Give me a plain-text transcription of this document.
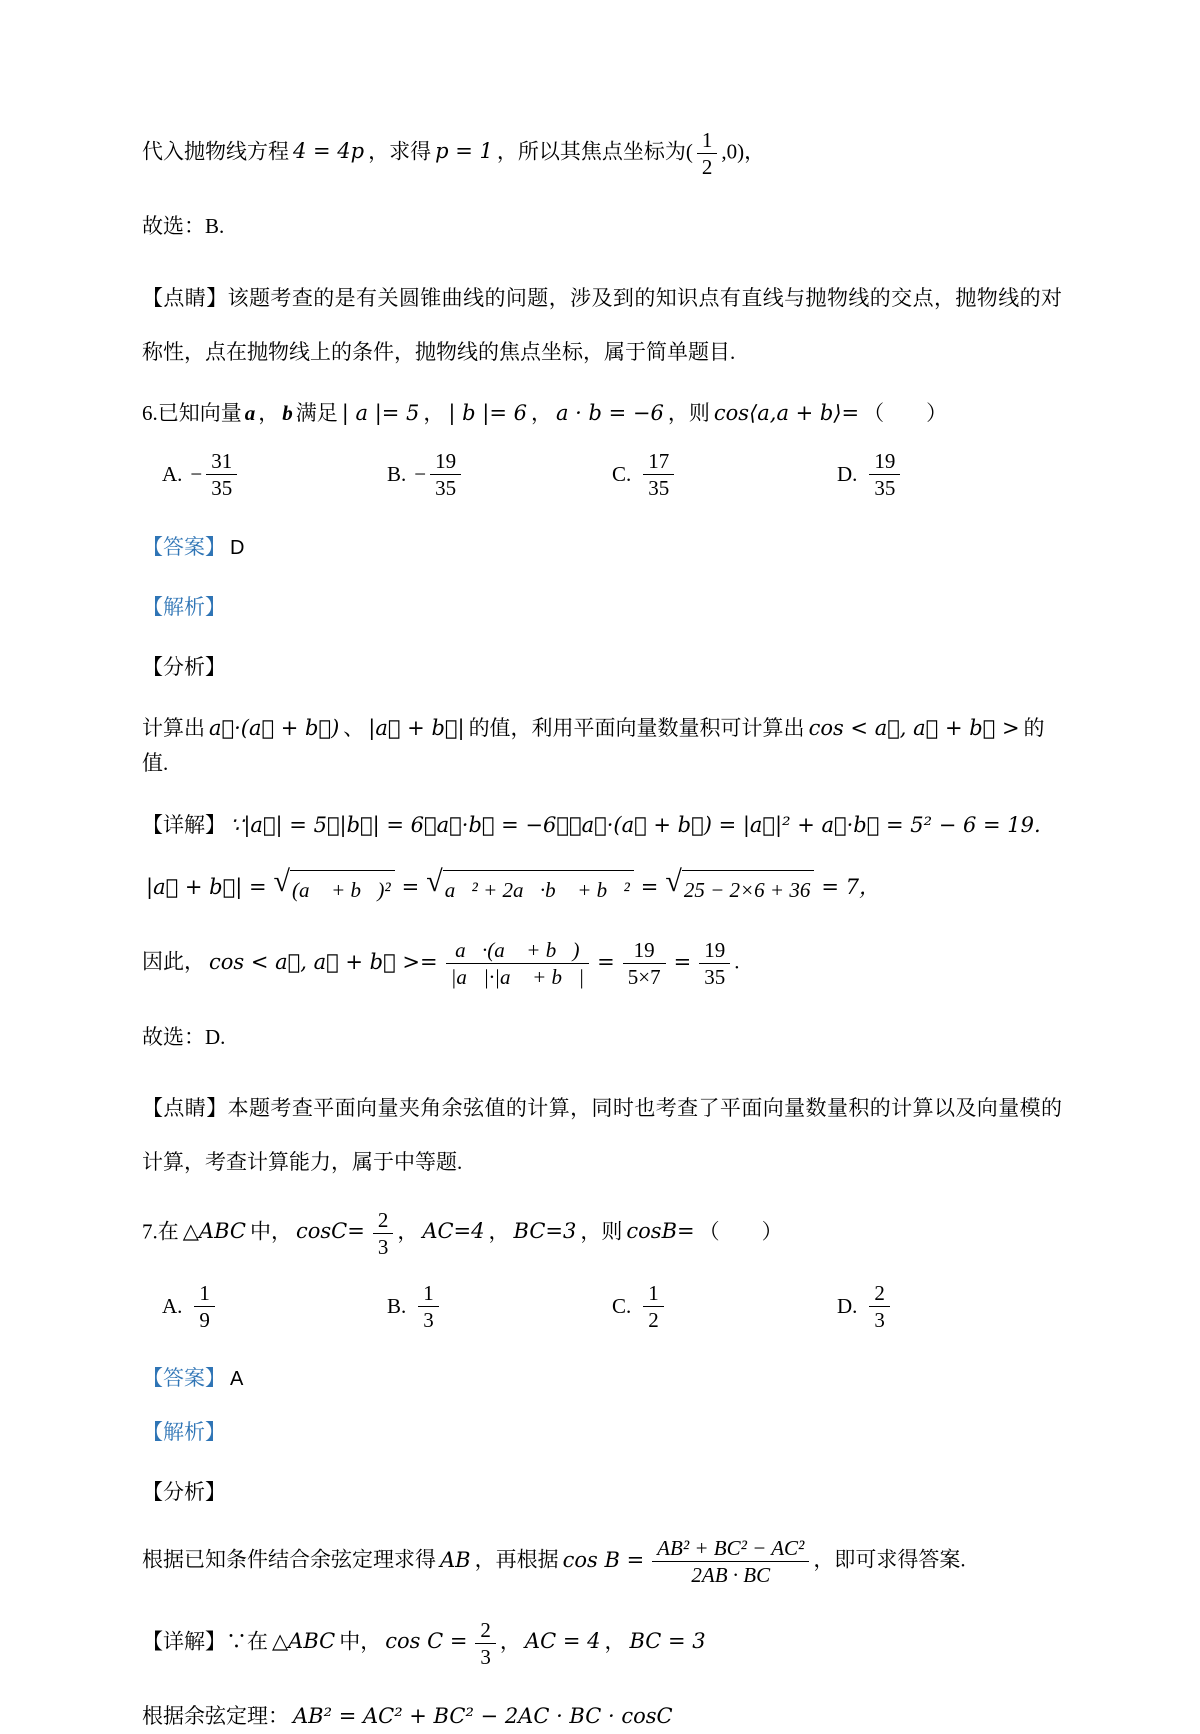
代入抛物线方程 4 = 4p ，求得 p = 1 ，所以其焦点坐标为( $\frac{1}{2} ,0$)，

故选：B.

【点睛】该题考查的是有关圆锥曲线的问题，涉及到的知识点有直线与抛物线的交点，抛物线的对称性，点在抛物线上的条件，抛物线的焦点坐标，属于简单题目.

6.已知向量 a ， b 满足 | a |= 5 ， | b |= 6 ， a · b = −6 ，则 cos⟨a,a + b⟩= （　　）

A. − $\frac{31}{35}$	B. − $\frac{19}{35}$	C. $\frac{17}{35}$	D. $\frac{19}{35}$

【答案】 D

【解析】

【分析】

计算出 a⃗·(a⃗ + b⃗) 、 |a⃗ + b⃗| 的值，利用平面向量数量积可计算出 cos < a⃗, a⃗ + b⃗ > 的值.

【详解】 ∵|a⃗| = 5，|b⃗| = 6，a⃗·b⃗ = −6，∴a⃗·(a⃗ + b⃗) = |a⃗|² + a⃗·b⃗ = 5² − 6 = 19.

|a⃗ + b⃗| = √ (a⃗ + b⃗)² = √ a⃗² + 2a⃗·b⃗ + b⃗² = √ 25 − 2×6 + 36 = 7，

因此， cos < a⃗, a⃗ + b⃗ >= $\frac{a⃗\cdot(a⃗ + b⃗)}{|a⃗|\cdot|a⃗ + b⃗|} = \frac{19}{5\times 7} = \frac{19}{35}$ .

故选：D.

【点睛】本题考查平面向量夹角余弦值的计算，同时也考查了平面向量数量积的计算以及向量模的计算，考查计算能力，属于中等题.

7.在 △ABC 中， $\cos C= \frac{2}{3}$ ， AC=4 ， BC=3 ，则 cosB= （　　）

A. $\frac{1}{9}$	B. $\frac{1}{3}$	C. $\frac{1}{2}$	D. $\frac{2}{3}$

【答案】 A

【解析】

【分析】

根据已知条件结合余弦定理求得 AB ，再根据 $\cos B = \frac{\text{AB² + BC² − AC²}}{2AB \cdot BC}$ ，即可求得答案.

【详解】∵在 △ABC 中， $\cos C = \frac{2}{3}$ ， AC = 4 ， BC = 3

根据余弦定理： AB² = AC² + BC² − 2AC · BC · cosC
